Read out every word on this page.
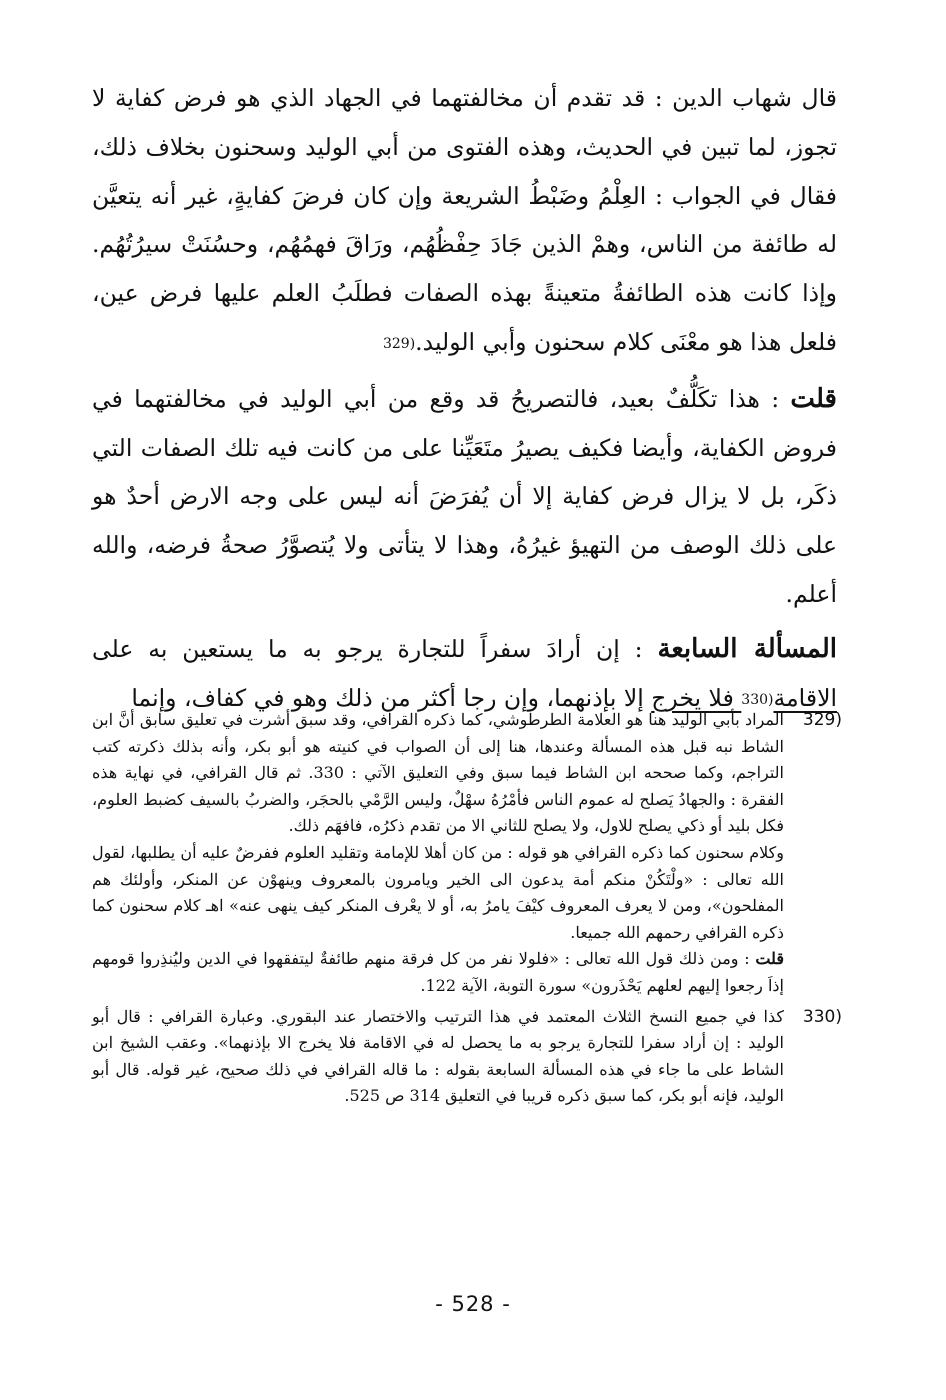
قال شهاب الدين : قد تقدم أن مخالفتهما في الجهاد الذي هو فرض كفاية لا تجوز، لما تبين في الحديث، وهذه الفتوى من أبي الوليد وسحنون بخلاف ذلك، فقال في الجواب : العِلْمُ وضَبْطُ الشريعة وإن كان فرضَ كفايةٍ، غير أنه يتعيَّن له طائفة من الناس، وهمْ الذين جَادَ حِفْظُهُم، ورَاقَ فهمُهُم، وحسُنَتْ سيرُتُهُم. وإذا كانت هذه الطائفةُ متعينةً بهذه الصفات فطلَبُ العلم عليها فرض عين، فلعل هذا هو معْنَى كلام سحنون وأبي الوليد.(329

قلت : هذا تكَلُّفٌ بعيد، فالتصريحُ قد وقع من أبي الوليد في مخالفتهما في فروض الكفاية، وأيضا فكيف يصيرُ متَعَيِّنا على من كانت فيه تلك الصفات التي ذكَر، بل لا يزال فرض كفاية إلا أن يُفرَضَ أنه ليس على وجه الارض أحدٌ هو على ذلك الوصف من التهيؤ غيرُهُ، وهذا لا يتأتى ولا يُتصوَّرُ صحةُ فرضه، والله أعلم.

المسألة السابعة : إن أرادَ سفراً للتجارة يرجو به ما يستعين به على الاقامة(330 فلا يخرج إلا بإذنهما، وإن رجا أكثر من ذلك وهو في كفاف، وإنما

(329

المراد بأبي الوليد هنا هو العلامة الطرطوشي، كما ذكره القرافي، وقد سبق أشرت في تعليق سابق أنَّ ابن الشاط نبه قبل هذه المسألة وعندها، هنا إلى أن الصواب في كنيته هو أبو بكر، وأنه بذلك ذكرته كتب التراجم، وكما صححه ابن الشاط فيما سبق وفي التعليق الآتي : 330. ثم قال القرافي، في نهاية هذه الفقرة : والجهادُ يَصلح له عموم الناس فأمْرُهُ سهْلٌ، وليس الرَّمْي بالحجَر، والضربُ بالسيف كضبط العلوم، فكل بليد أو ذكي يصلح للاول، ولا يصلح للثاني الا من تقدم ذكرُه، فافهَم ذلك.

وكلام سحنون كما ذكره القرافي هو قوله : من كان أهلا للإمامة وتقليد العلوم ففرضٌ عليه أن يطلبها، لقول الله تعالى : «ولْتَكُنْ منكم أمة يدعون الى الخير ويامرون بالمعروف وينهوْن عن المنكر، وأولئك هم المفلحون»، ومن لا يعرف المعروف كيْفَ يامرُ به، أو لا يعْرف المنكر كيف ينهى عنه» اهـ كلام سحنون كما ذكره القرافي رحمهم الله جميعا.

قلت : ومن ذلك قول الله تعالى : «فلولا نفر من كل فرقة منهم طائفةٌ ليتفقهوا في الدين وليُنذِروا قومهم إذاَ رجعوا إليهم لعلهم يَحْذَرون» سورة التوبة، الآية 122.

(330

كذا في جميع النسخ الثلاث المعتمد في هذا الترتيب والاختصار عند البقوري. وعبارة القرافي : قال أبو الوليد : إن أراد سفرا للتجارة يرجو به ما يحصل له في الاقامة فلا يخرج الا بإذنهما». وعقب الشيخ ابن الشاط على ما جاء في هذه المسألة السابعة بقوله : ما قاله القرافي في ذلك صحيح، غير قوله. قال أبو الوليد، فإنه أبو بكر، كما سبق ذكره قريبا في التعليق 314 ص 525.

- 528 -
